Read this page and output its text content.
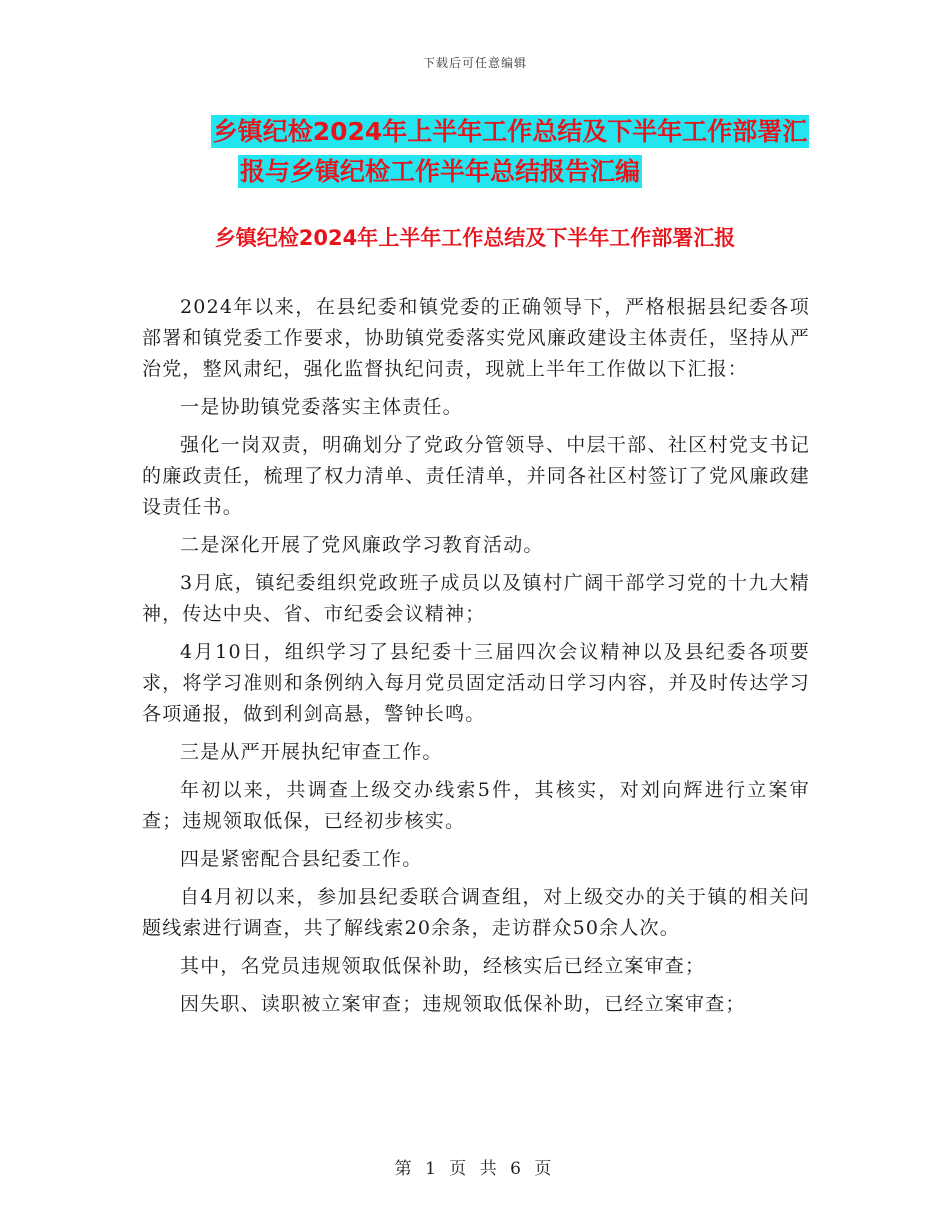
下载后可任意编辑
乡镇纪检2024年上半年工作总结及下半年工作部署汇
报与乡镇纪检工作半年总结报告汇编
乡镇纪检2024年上半年工作总结及下半年工作部署汇报

2024年以来，在县纪委和镇党委的正确领导下，严格根据县纪委各项部署和镇党委工作要求，协助镇党委落实党风廉政建设主体责任，坚持从严治党，整风肃纪，强化监督执纪问责，现就上半年工作做以下汇报：

一是协助镇党委落实主体责任。

强化一岗双责，明确划分了党政分管领导、中层干部、社区村党支书记的廉政责任，梳理了权力清单、责任清单，并同各社区村签订了党风廉政建设责任书。

二是深化开展了党风廉政学习教育活动。

3月底，镇纪委组织党政班子成员以及镇村广阔干部学习党的十九大精神，传达中央、省、市纪委会议精神；

4月10日，组织学习了县纪委十三届四次会议精神以及县纪委各项要求，将学习准则和条例纳入每月党员固定活动日学习内容，并及时传达学习各项通报，做到利剑高悬，警钟长鸣。

三是从严开展执纪审查工作。

年初以来，共调查上级交办线索5件，其核实，对刘向辉进行立案审查；违规领取低保，已经初步核实。

四是紧密配合县纪委工作。

自4月初以来，参加县纪委联合调查组，对上级交办的关于镇的相关问题线索进行调查，共了解线索20余条，走访群众50余人次。

其中，名党员违规领取低保补助，经核实后已经立案审查；

因失职、读职被立案审查；违规领取低保补助，已经立案审查；

第 1 页 共 6 页
